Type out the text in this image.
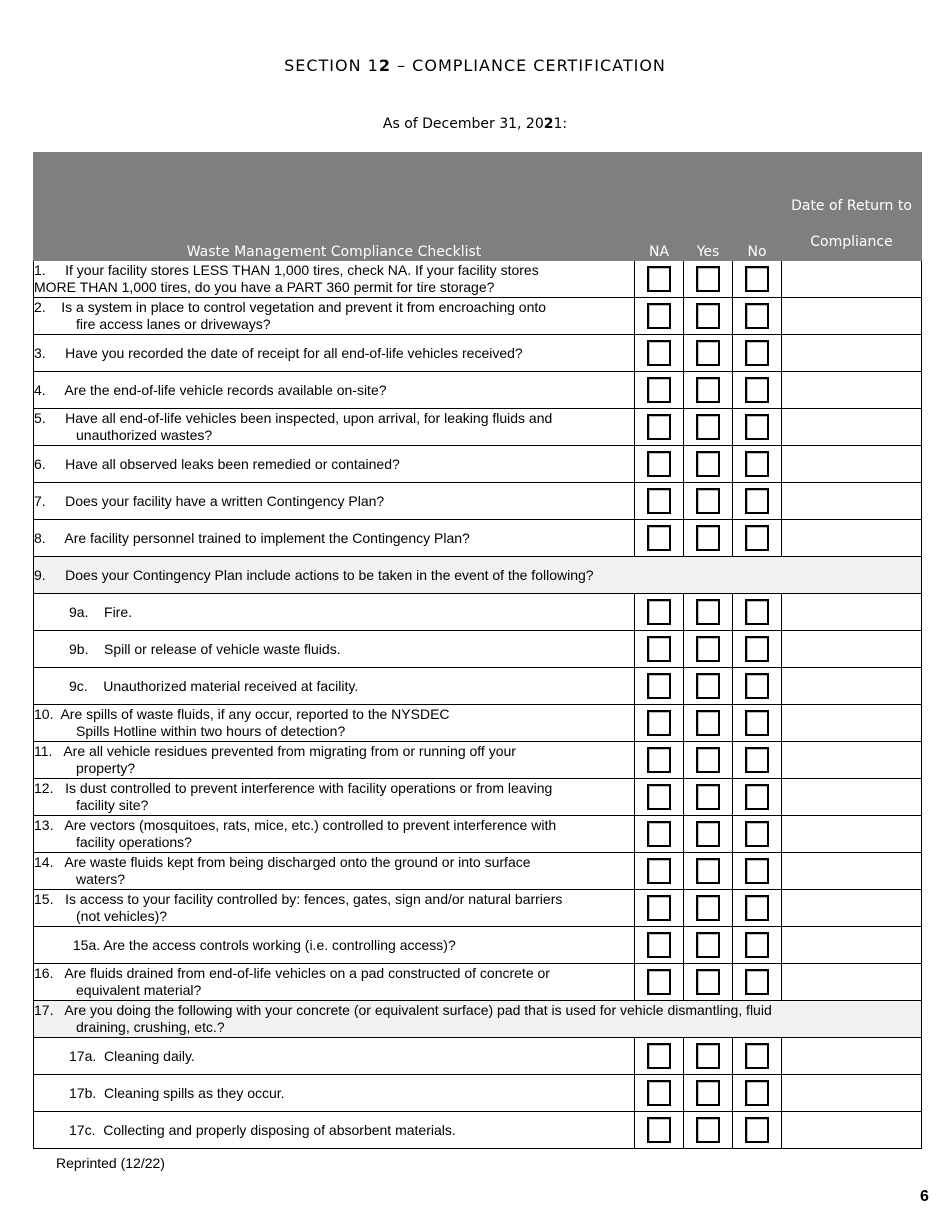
SECTION 12 – COMPLIANCE CERTIFICATION
As of December 31, 2021:
Waste Management Compliance Checklist	NA	Yes	No	Date of Return to
Compliance

1.     If your facility stores LESS THAN 1,000 tires, check NA. If your facility stores
MORE THAN 1,000 tires, do you have a PART 360 permit for tire storage?				

2.    Is a system in place to control vegetation and prevent it from encroaching onto
fire access lanes or driveways?				

3.     Have you recorded the date of receipt for all end-of-life vehicles received?				

4.     Are the end-of-life vehicle records available on-site?				

5.     Have all end-of-life vehicles been inspected, upon arrival, for leaking fluids and
unauthorized wastes?				

6.     Have all observed leaks been remedied or contained?				

7.     Does your facility have a written Contingency Plan?				

8.     Are facility personnel trained to implement the Contingency Plan?				

9.     Does your Contingency Plan include actions to be taken in the event of the following?				

9a.    Fire.				

9b.    Spill or release of vehicle waste fluids.				

9c.    Unauthorized material received at facility.				

10.  Are spills of waste fluids, if any occur, reported to the NYSDEC
Spills Hotline within two hours of detection?				

11.   Are all vehicle residues prevented from migrating from or running off your
property?				

12.   Is dust controlled to prevent interference with facility operations or from leaving
facility site?				

13.   Are vectors (mosquitoes, rats, mice, etc.) controlled to prevent interference with
facility operations?				

14.   Are waste fluids kept from being discharged onto the ground or into surface
waters?				

15.   Is access to your facility controlled by: fences, gates, sign and/or natural barriers
(not vehicles)?				

15a. Are the access controls working (i.e. controlling access)?				

16.   Are fluids drained from end-of-life vehicles on a pad constructed of concrete or
equivalent material?				

17.   Are you doing the following with your concrete (or equivalent surface) pad that is used for vehicle dismantling, fluid
draining, crushing, etc.?				

17a.  Cleaning daily.				

17b.  Cleaning spills as they occur.				

17c.  Collecting and properly disposing of absorbent materials.				

Reprinted (12/22)
6
